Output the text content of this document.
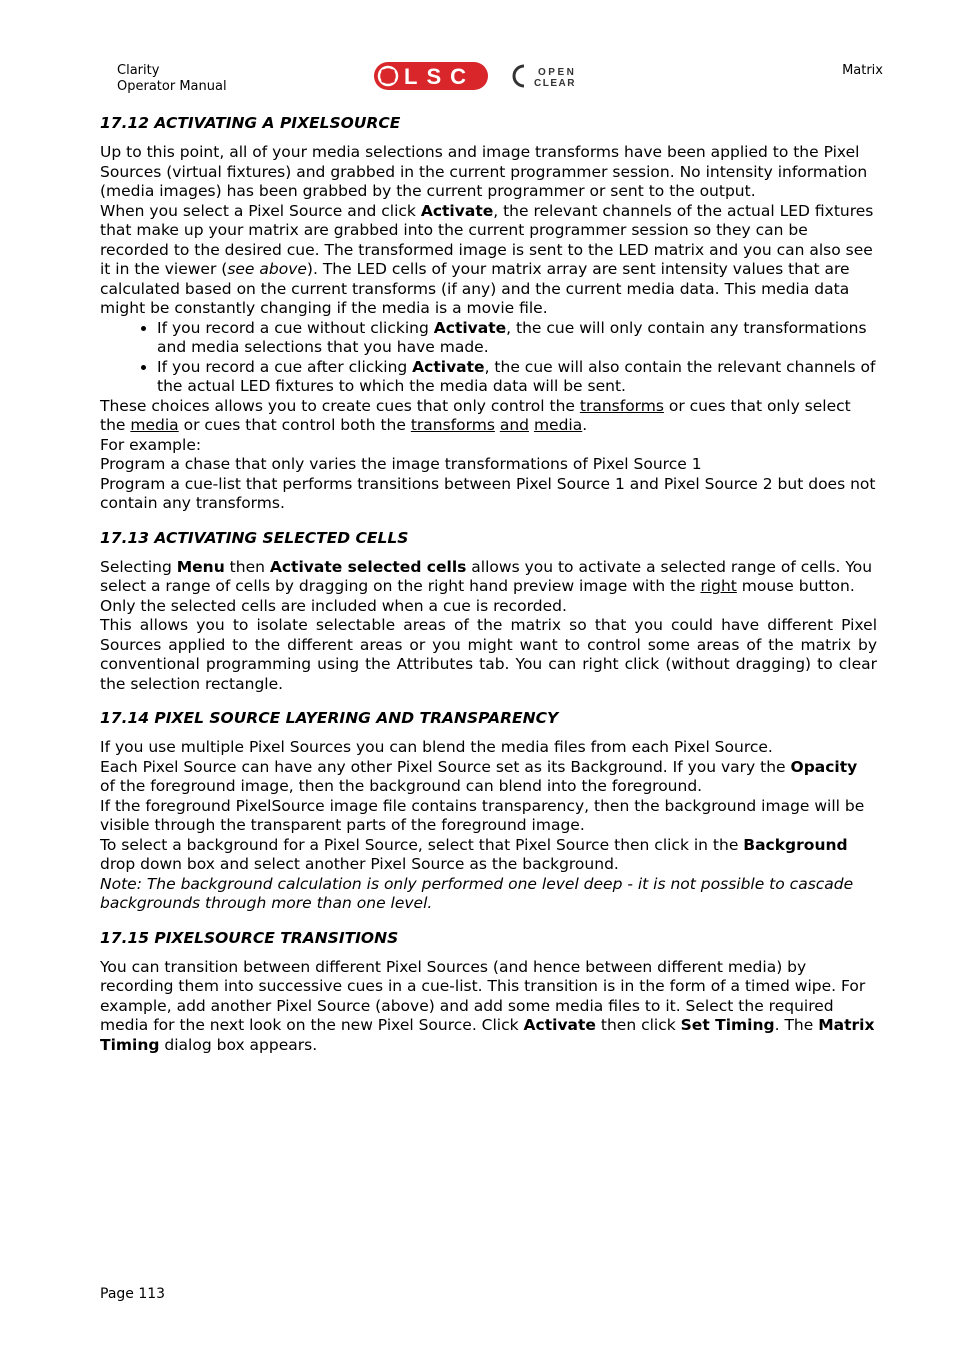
Clarity
Operator Manual	LSC	OPEN
CLEAR
Matrix
17.12 ACTIVATING A PIXELSOURCE

Up to this point, all of your media selections and image transforms have been applied to the Pixel Sources (virtual fixtures) and grabbed in the current programmer session. No intensity information (media images) has been grabbed by the current programmer or sent to the output.

When you select a Pixel Source and click Activate, the relevant channels of the actual LED fixtures that make up your matrix are grabbed into the current programmer session so they can be recorded to the desired cue. The transformed image is sent to the LED matrix and you can also see it in the viewer (see above). The LED cells of your matrix array are sent intensity values that are calculated based on the current transforms (if any) and the current media data. This media data might be constantly changing if the media is a movie file.

• If you record a cue without clicking Activate, the cue will only contain any transformations and media selections that you have made.
• If you record a cue after clicking Activate, the cue will also contain the relevant channels of the actual LED fixtures to which the media data will be sent.

These choices allows you to create cues that only control the transforms or cues that only select the media or cues that control both the transforms and media.

For example:

Program a chase that only varies the image transformations of Pixel Source 1

Program a cue-list that performs transitions between Pixel Source 1 and Pixel Source 2 but does not contain any transforms.

17.13 ACTIVATING SELECTED CELLS

Selecting Menu then Activate selected cells allows you to activate a selected range of cells. You select a range of cells by dragging on the right hand preview image with the right mouse button.

Only the selected cells are included when a cue is recorded.

This allows you to isolate selectable areas of the matrix so that you could have different Pixel Sources applied to the different areas or you might want to control some areas of the matrix by conventional programming using the Attributes tab. You can right click (without dragging) to clear the selection rectangle.

17.14 PIXEL SOURCE LAYERING AND TRANSPARENCY

If you use multiple Pixel Sources you can blend the media files from each Pixel Source.

Each Pixel Source can have any other Pixel Source set as its Background. If you vary the Opacity of the foreground image, then the background can blend into the foreground.

If the foreground PixelSource image file contains transparency, then the background image will be visible through the transparent parts of the foreground image.

To select a background for a Pixel Source, select that Pixel Source then click in the Background drop down box and select another Pixel Source as the background.

Note: The background calculation is only performed one level deep - it is not possible to cascade backgrounds through more than one level.

17.15 PIXELSOURCE TRANSITIONS

You can transition between different Pixel Sources (and hence between different media) by recording them into successive cues in a cue-list. This transition is in the form of a timed wipe. For example, add another Pixel Source (above) and add some media files to it. Select the required media for the next look on the new Pixel Source. Click Activate then click Set Timing. The Matrix Timing dialog box appears.

Page 113
